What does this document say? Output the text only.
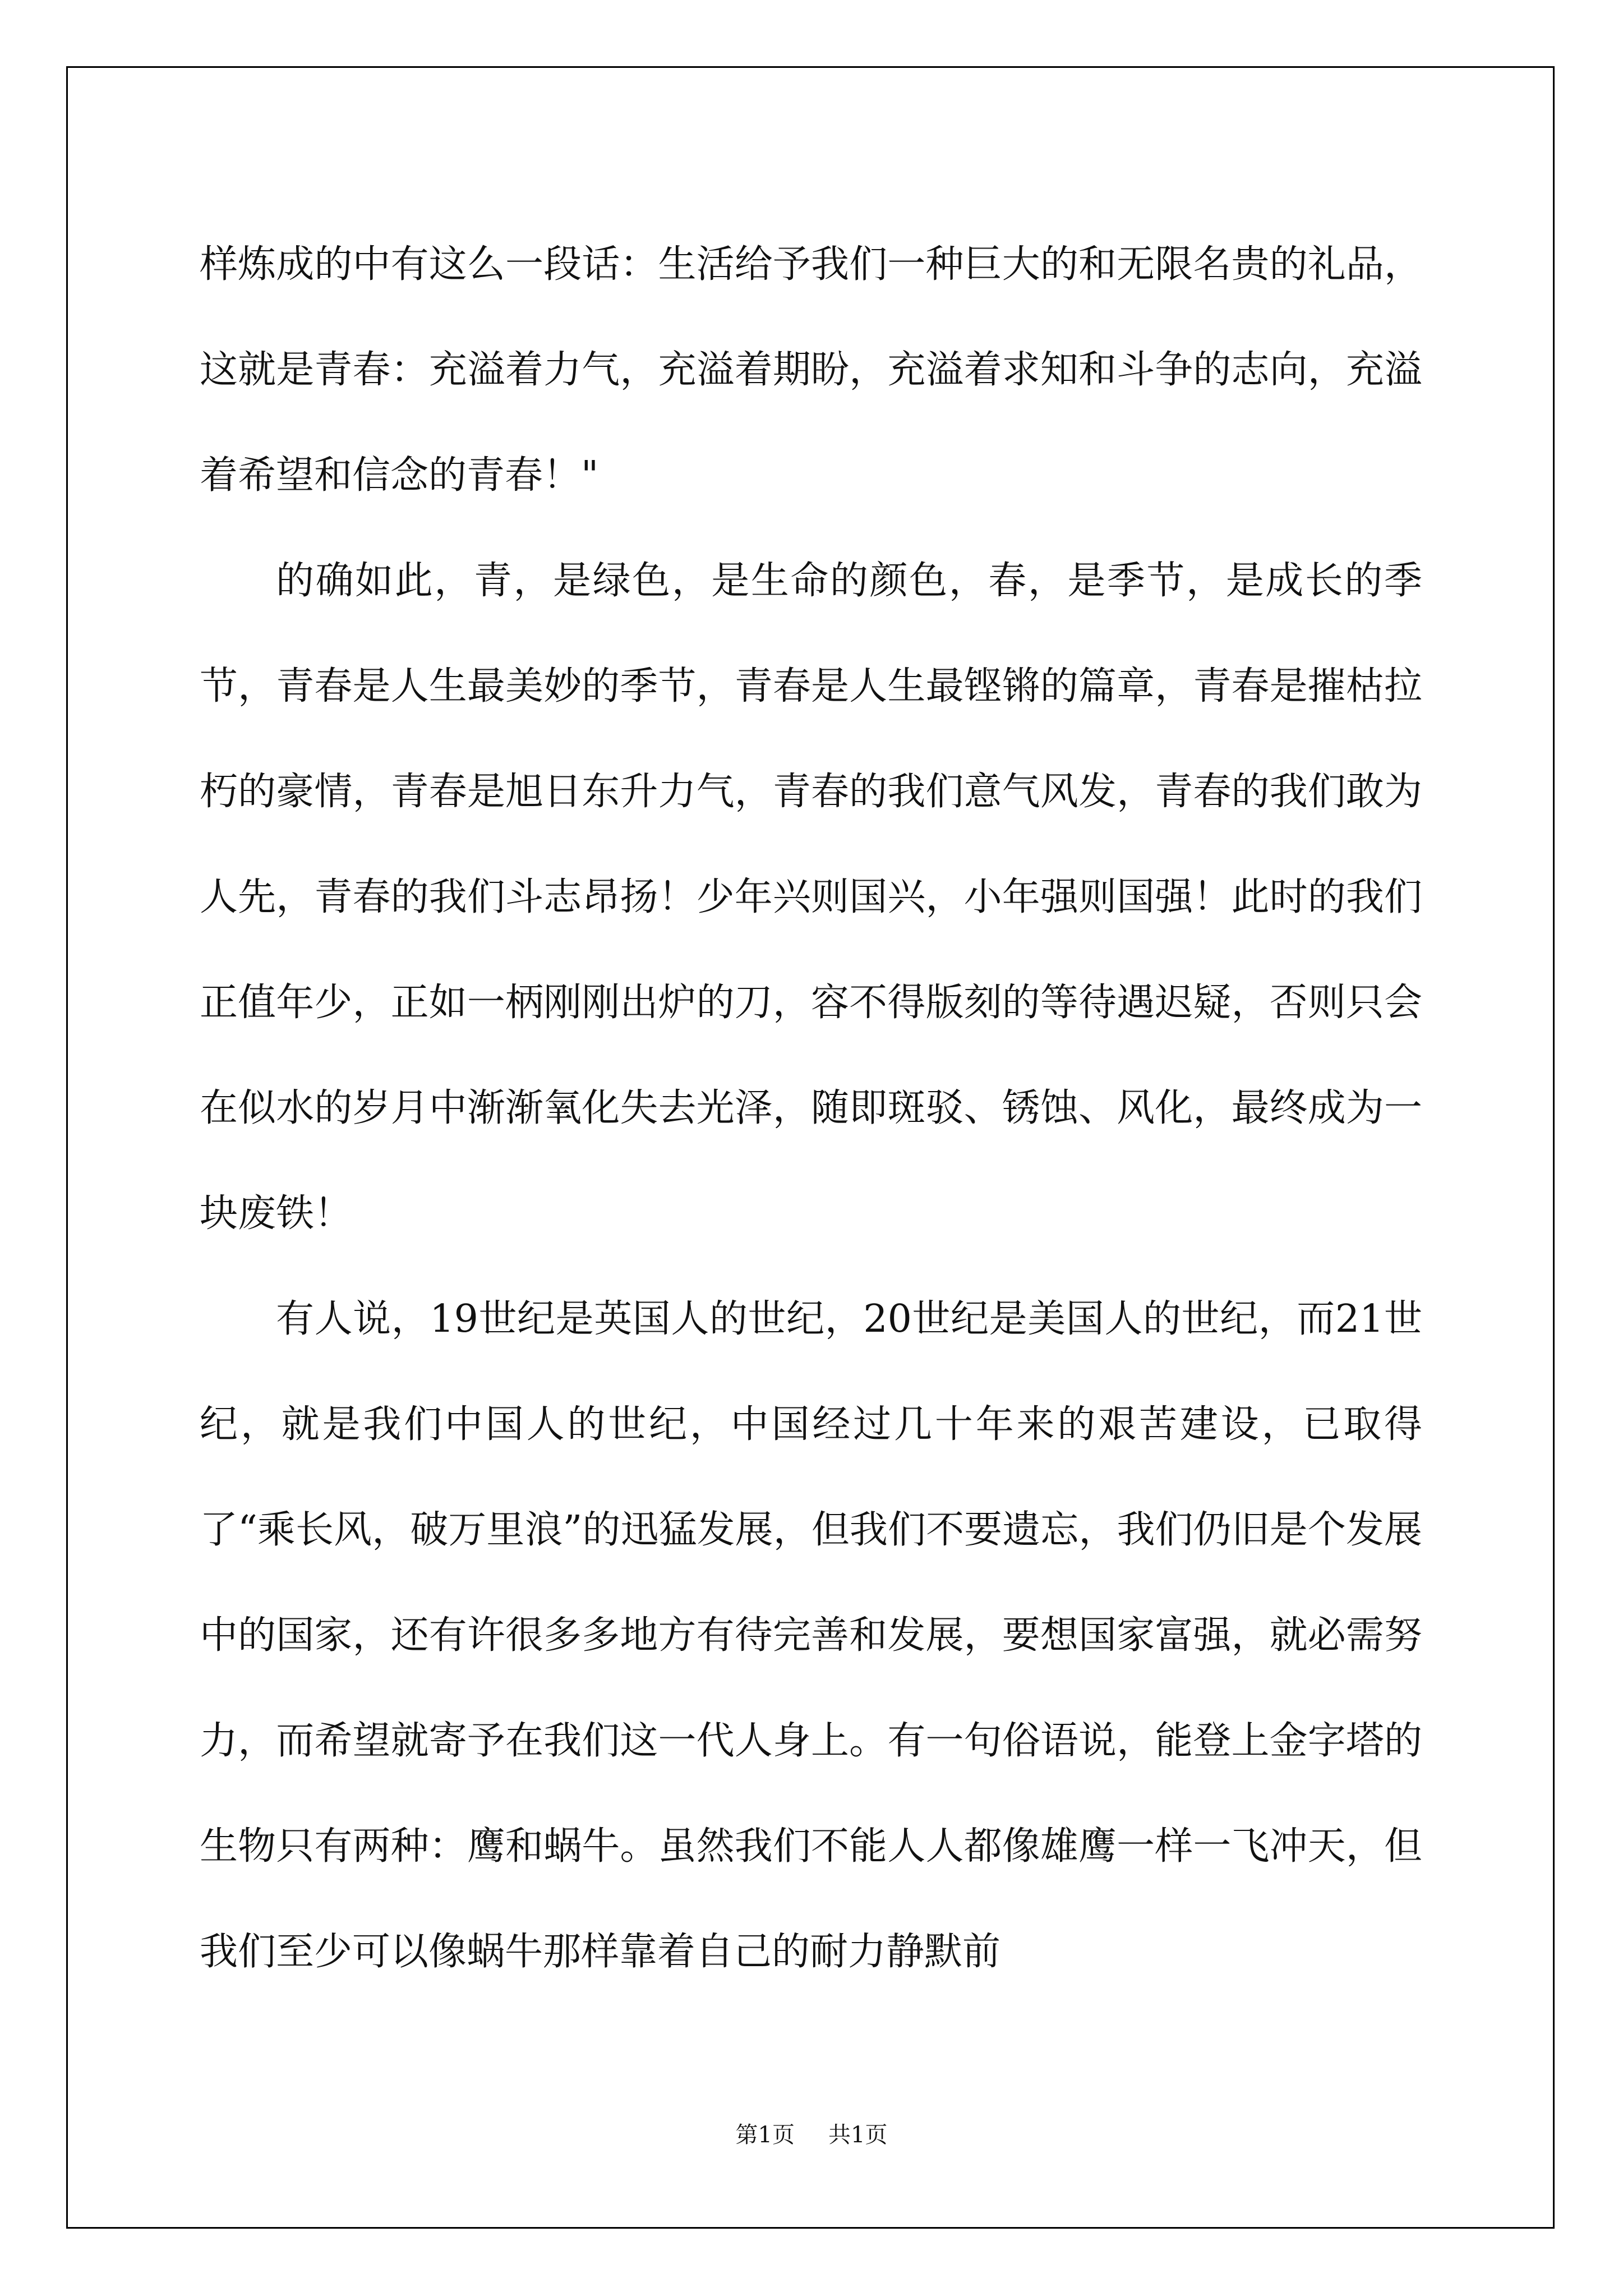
样炼成的中有这么一段话：生活给予我们一种巨大的和无限名贵的礼品，这就是青春：充溢着力气，充溢着期盼，充溢着求知和斗争的志向，充溢着希望和信念的青春！"

的确如此，青，是绿色，是生命的颜色，春，是季节，是成长的季节，青春是人生最美妙的季节，青春是人生最铿锵的篇章，青春是摧枯拉朽的豪情，青春是旭日东升力气，青春的我们意气风发，青春的我们敢为人先，青春的我们斗志昂扬！少年兴则国兴，小年强则国强！此时的我们正值年少，正如一柄刚刚出炉的刀，容不得版刻的等待遇迟疑，否则只会在似水的岁月中渐渐氧化失去光泽，随即斑驳、锈蚀、风化，最终成为一块废铁！

有人说，19世纪是英国人的世纪，20世纪是美国人的世纪，而21世纪，就是我们中国人的世纪，中国经过几十年来的艰苦建设，已取得了“乘长风，破万里浪”的迅猛发展，但我们不要遗忘，我们仍旧是个发展中的国家，还有许很多多地方有待完善和发展，要想国家富强，就必需努力，而希望就寄予在我们这一代人身上。有一句俗语说，能登上金字塔的生物只有两种：鹰和蜗牛。虽然我们不能人人都像雄鹰一样一飞冲天，但我们至少可以像蜗牛那样靠着自己的耐力静默前

第1页 共1页
